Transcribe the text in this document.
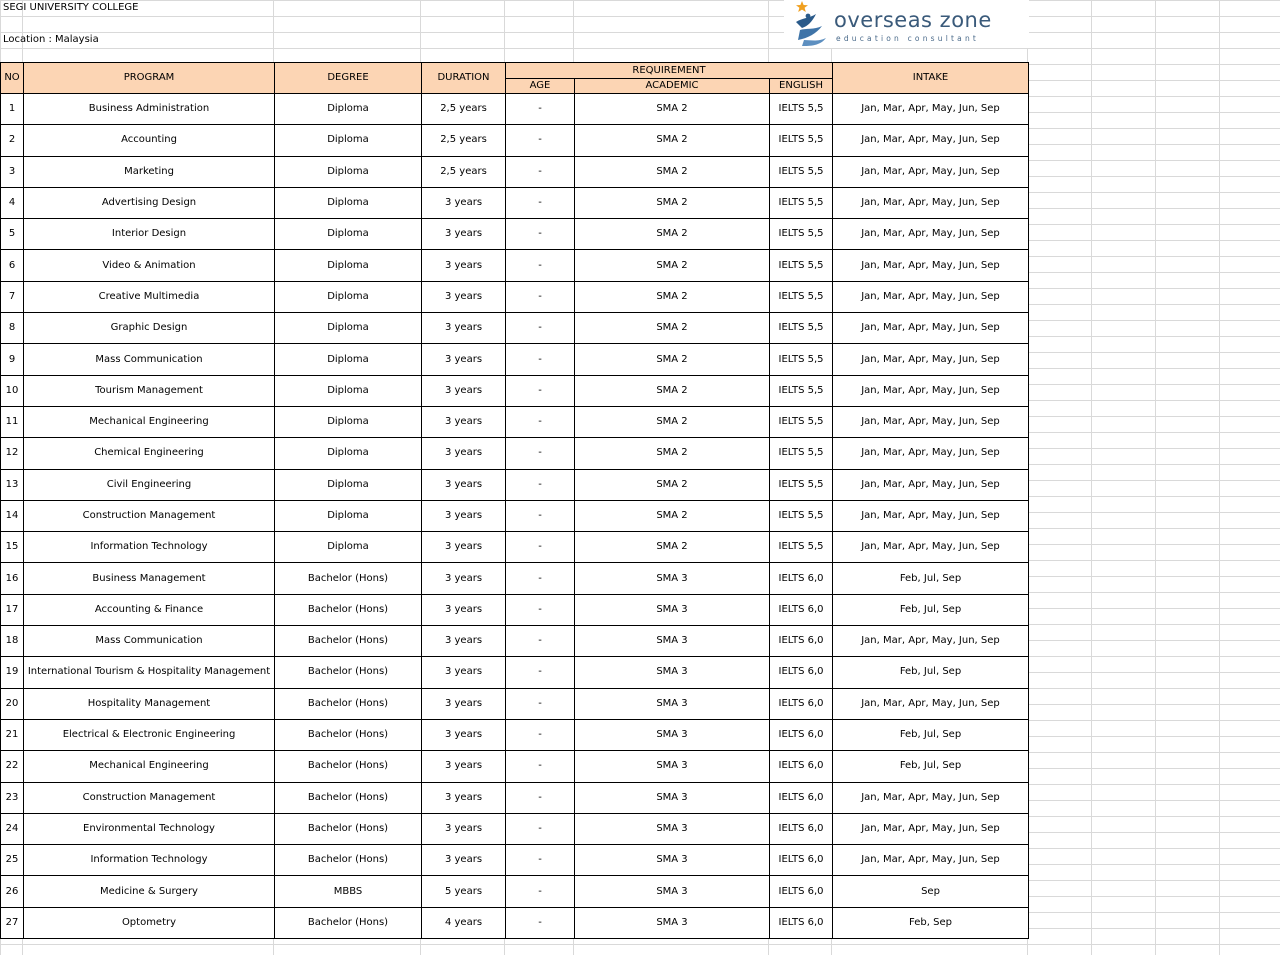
SEGI UNIVERSITY COLLEGE
Location : Malaysia
overseas zone
education consultant
NO	PROGRAM	DEGREE	DURATION	REQUIREMENT			INTAKE
				AGE	ACADEMIC	ENGLISH	
1	Business Administration	Diploma	2,5 years	-	SMA 2	IELTS 5,5	Jan, Mar, Apr, May, Jun, Sep
2	Accounting	Diploma	2,5 years	-	SMA 2	IELTS 5,5	Jan, Mar, Apr, May, Jun, Sep
3	Marketing	Diploma	2,5 years	-	SMA 2	IELTS 5,5	Jan, Mar, Apr, May, Jun, Sep
4	Advertising Design	Diploma	3 years	-	SMA 2	IELTS 5,5	Jan, Mar, Apr, May, Jun, Sep
5	Interior Design	Diploma	3 years	-	SMA 2	IELTS 5,5	Jan, Mar, Apr, May, Jun, Sep
6	Video & Animation	Diploma	3 years	-	SMA 2	IELTS 5,5	Jan, Mar, Apr, May, Jun, Sep
7	Creative Multimedia	Diploma	3 years	-	SMA 2	IELTS 5,5	Jan, Mar, Apr, May, Jun, Sep
8	Graphic Design	Diploma	3 years	-	SMA 2	IELTS 5,5	Jan, Mar, Apr, May, Jun, Sep
9	Mass Communication	Diploma	3 years	-	SMA 2	IELTS 5,5	Jan, Mar, Apr, May, Jun, Sep
10	Tourism Management	Diploma	3 years	-	SMA 2	IELTS 5,5	Jan, Mar, Apr, May, Jun, Sep
11	Mechanical Engineering	Diploma	3 years	-	SMA 2	IELTS 5,5	Jan, Mar, Apr, May, Jun, Sep
12	Chemical Engineering	Diploma	3 years	-	SMA 2	IELTS 5,5	Jan, Mar, Apr, May, Jun, Sep
13	Civil Engineering	Diploma	3 years	-	SMA 2	IELTS 5,5	Jan, Mar, Apr, May, Jun, Sep
14	Construction Management	Diploma	3 years	-	SMA 2	IELTS 5,5	Jan, Mar, Apr, May, Jun, Sep
15	Information Technology	Diploma	3 years	-	SMA 2	IELTS 5,5	Jan, Mar, Apr, May, Jun, Sep
16	Business Management	Bachelor (Hons)	3 years	-	SMA 3	IELTS 6,0	Feb, Jul, Sep
17	Accounting & Finance	Bachelor (Hons)	3 years	-	SMA 3	IELTS 6,0	Feb, Jul, Sep
18	Mass Communication	Bachelor (Hons)	3 years	-	SMA 3	IELTS 6,0	Jan, Mar, Apr, May, Jun, Sep
19	International Tourism & Hospitality Management	Bachelor (Hons)	3 years	-	SMA 3	IELTS 6,0	Feb, Jul, Sep
20	Hospitality Management	Bachelor (Hons)	3 years	-	SMA 3	IELTS 6,0	Jan, Mar, Apr, May, Jun, Sep
21	Electrical & Electronic Engineering	Bachelor (Hons)	3 years	-	SMA 3	IELTS 6,0	Feb, Jul, Sep
22	Mechanical Engineering	Bachelor (Hons)	3 years	-	SMA 3	IELTS 6,0	Feb, Jul, Sep
23	Construction Management	Bachelor (Hons)	3 years	-	SMA 3	IELTS 6,0	Jan, Mar, Apr, May, Jun, Sep
24	Environmental Technology	Bachelor (Hons)	3 years	-	SMA 3	IELTS 6,0	Jan, Mar, Apr, May, Jun, Sep
25	Information Technology	Bachelor (Hons)	3 years	-	SMA 3	IELTS 6,0	Jan, Mar, Apr, May, Jun, Sep
26	Medicine & Surgery	MBBS	5 years	-	SMA 3	IELTS 6,0	Sep
27	Optometry	Bachelor (Hons)	4 years	-	SMA 3	IELTS 6,0	Feb, Sep
